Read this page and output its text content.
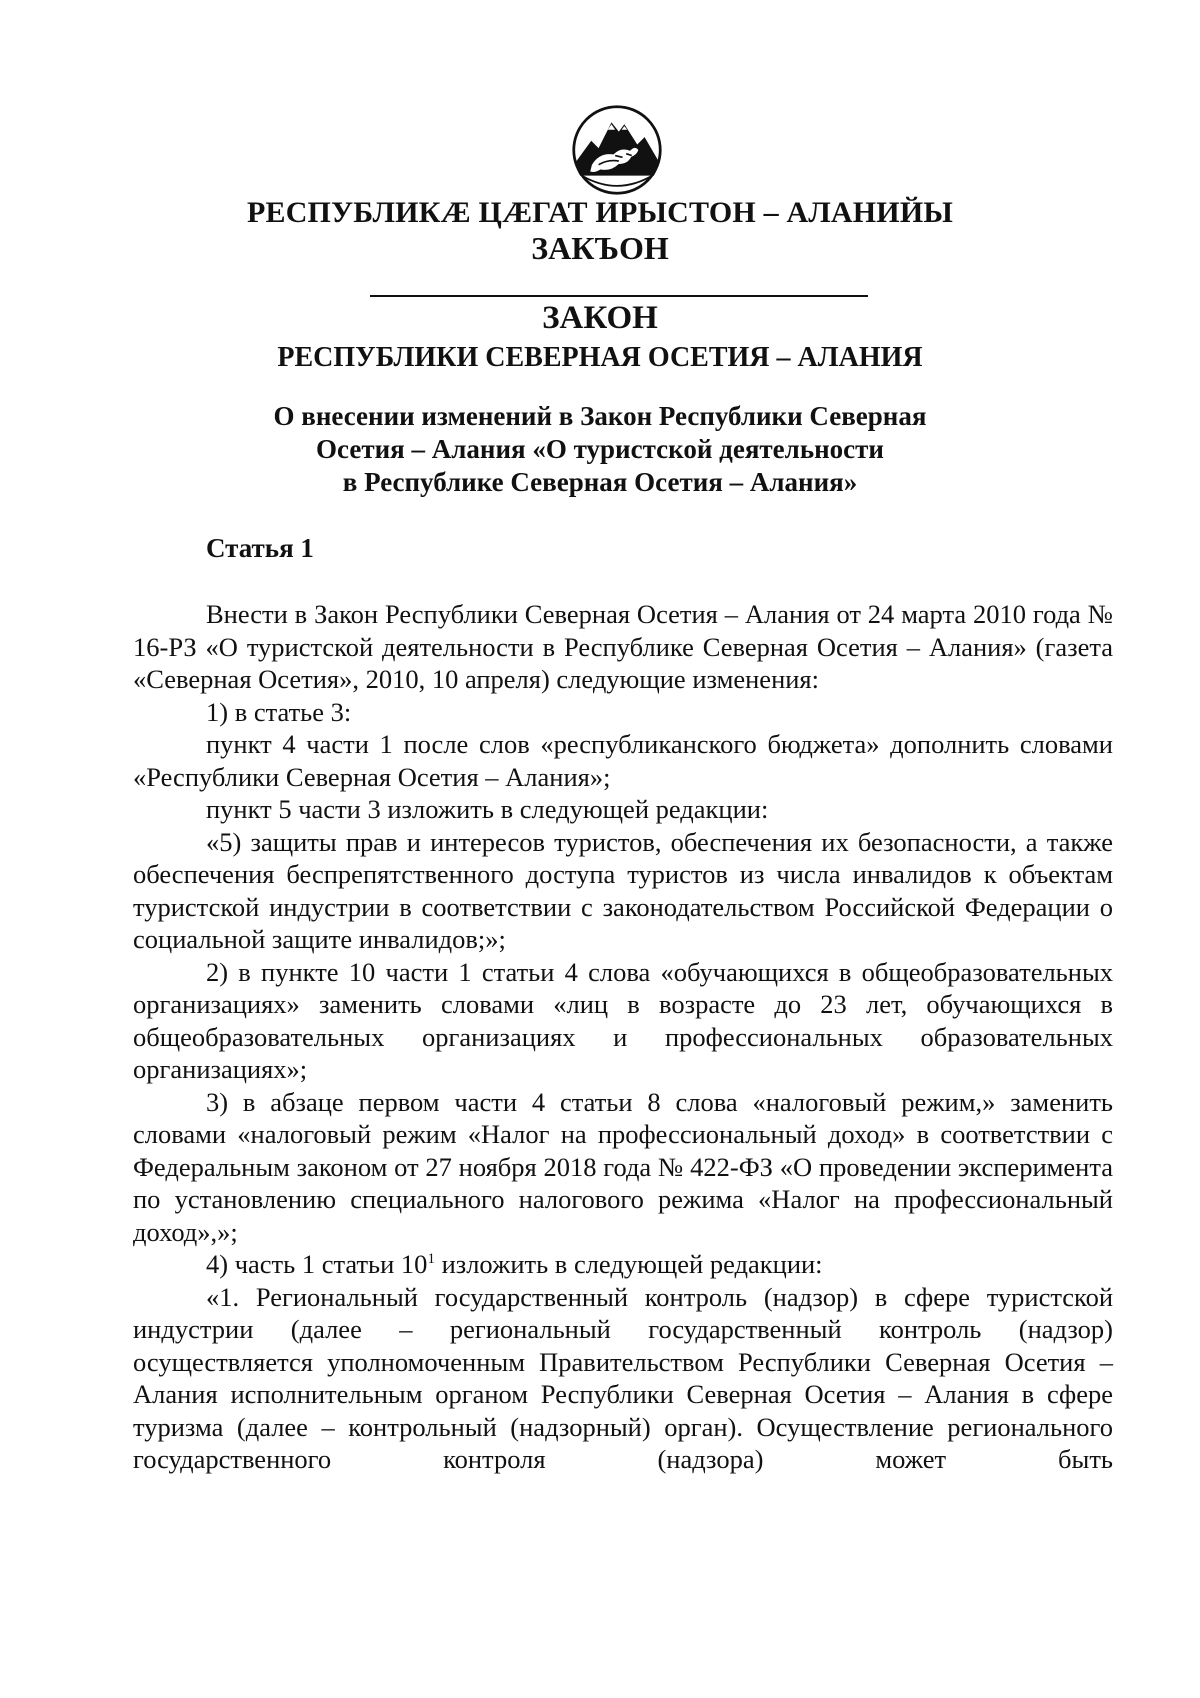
РЕСПУБЛИКÆ ЦÆГАТ ИРЫСТОН – АЛАНИЙЫ
ЗАКЪОН
ЗАКОН
РЕСПУБЛИКИ СЕВЕРНАЯ ОСЕТИЯ – АЛАНИЯ
О внесении изменений в Закон Республики Северная
Осетия – Алания «О туристской деятельности
в Республике Северная Осетия – Алания»
Статья 1

Внести в Закон Республики Северная Осетия – Алания от 24 марта 2010 года № 16-РЗ «О туристской деятельности в Республике Северная Осетия – Алания» (газета «Северная Осетия», 2010, 10 апреля) следующие изменения:

1) в статье 3:

пункт 4 части 1 после слов «республиканского бюджета» дополнить словами «Республики Северная Осетия – Алания»;

пункт 5 части 3 изложить в следующей редакции:

«5) защиты прав и интересов туристов, обеспечения их безопасности, а также обеспечения беспрепятственного доступа туристов из числа инвалидов к объектам туристской индустрии в соответствии с законодательством Российской Федерации о социальной защите инвалидов;»;

2) в пункте 10 части 1 статьи 4 слова «обучающихся в общеобразовательных организациях» заменить словами «лиц в возрасте до 23 лет, обучающихся в общеобразовательных организациях и профессиональных образовательных организациях»;

3) в абзаце первом части 4 статьи 8 слова «налоговый режим,» заменить словами «налоговый режим «Налог на профессиональный доход» в соответствии с Федеральным законом от 27 ноября 2018 года № 422-ФЗ «О проведении эксперимента по установлению специального налогового режима «Налог на профессиональный доход»,»;

4) часть 1 статьи $10^1$ изложить в следующей редакции:

«1. Региональный государственный контроль (надзор) в сфере туристской индустрии (далее – региональный государственный контроль (надзор) осуществляется уполномоченным Правительством Республики Северная Осетия – Алания исполнительным органом Республики Северная Осетия – Алания в сфере туризма (далее – контрольный (надзорный) орган). Осуществление регионального государственного контроля (надзора) может быть
